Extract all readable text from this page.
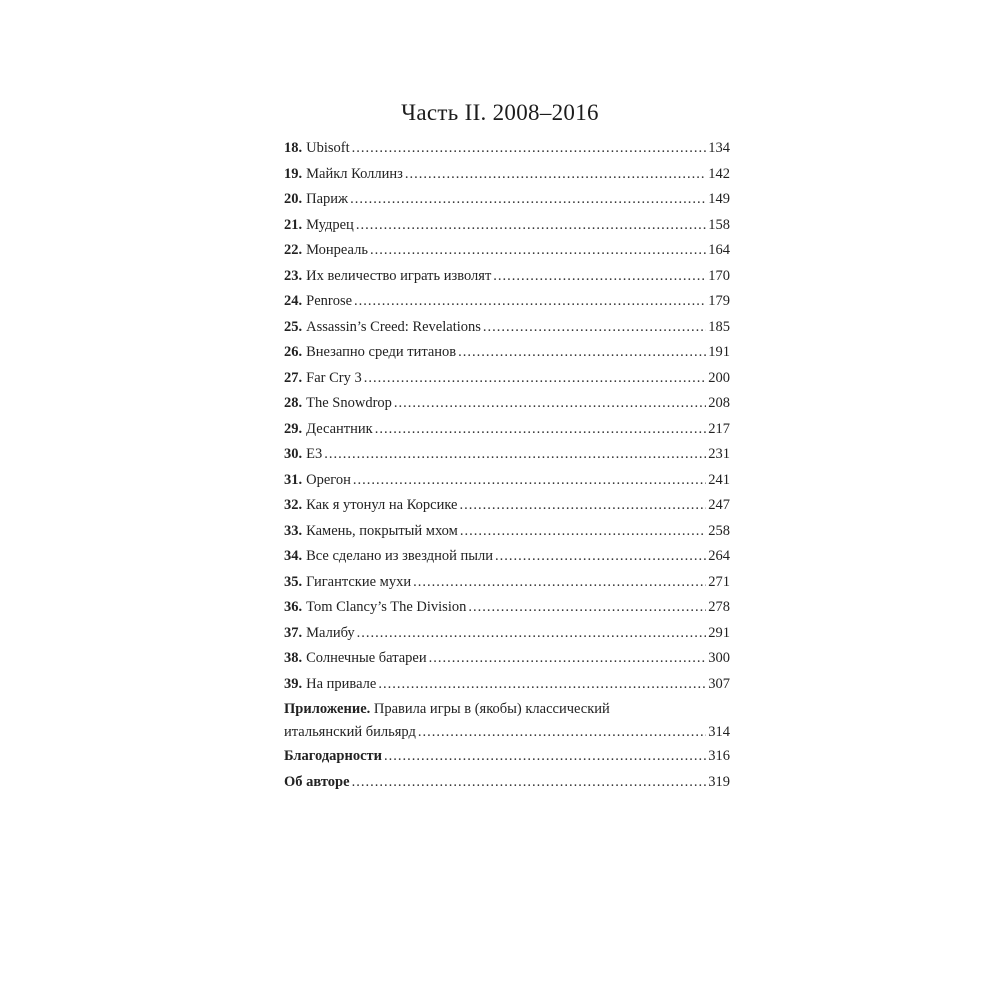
Часть II. 2008–2016
18. Ubisoft .....	134
19. Майкл Коллинз .....	142
20. Париж .....	149
21. Мудрец .....	158
22. Монреаль .....	164
23. Их величество играть изволят .....	170
24. Penrose .....	179
25. Assassin’s Creed: Revelations .....	185
26. Внезапно среди титанов .....	191
27. Far Cry 3 .....	200
28. The Snowdrop .....	208
29. Десантник .....	217
30. E3 .....	231
31. Орегон .....	241
32. Как я утонул на Корсике .....	247
33. Камень, покрытый мхом .....	258
34. Все сделано из звездной пыли .....	264
35. Гигантские мухи .....	271
36. Tom Clancy’s The Division .....	278
37. Малибу .....	291
38. Солнечные батареи .....	300
39. На привале .....	307
Приложение. Правила игры в (якобы) классический
итальянский бильярд .....	314
Благодарности .....	316
Об авторе .....	319
